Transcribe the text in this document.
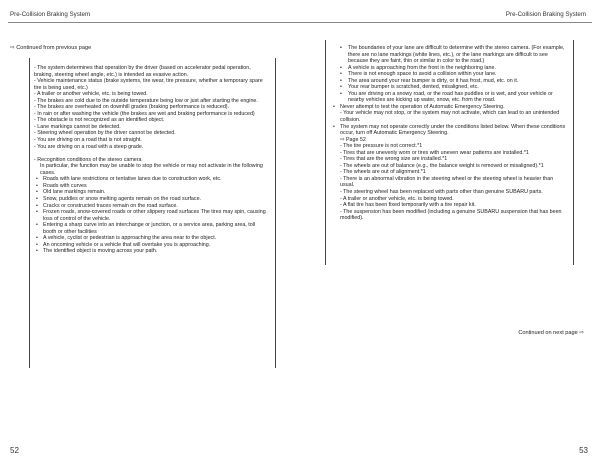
Pre-Collision Braking System	Pre-Collision Braking System
⇨ Continued from previous page

- The system determines that operation by the driver (based on accelerator pedal operation, braking, steering wheel angle, etc.) is intended as evasive action.

- Vehicle maintenance status (brake systems, tire wear, tire pressure, whether a temporary spare tire is being used, etc.)

- A trailer or another vehicle, etc. is being towed.

- The brakes are cold due to the outside temperature being low or just after starting the engine.

- The brakes are overheated on downhill grades (braking performance is reduced).

- In rain or after washing the vehicle (the brakes are wet and braking performance is reduced)

- The obstacle is not recognized as an identified object.

- Lane markings cannot be detected.

- Steering wheel operation by the driver cannot be detected.

- You are driving on a road that is not straight.

- You are driving on a road with a steep grade.

- Recognition conditions of the stereo camera

In particular, the function may be unable to stop the vehicle or may not activate in the following cases.

• Roads with lane restrictions or tentative lanes due to construction work, etc.
• Roads with curves
• Old lane markings remain.
• Snow, puddles or snow melting agents remain on the road surface.
• Cracks or constructed traces remain on the road surface.
• Frozen roads, snow-covered roads or other slippery road surfaces The tires may spin, causing loss of control of the vehicle.
• Entering a sharp curve into an interchange or junction, or a service area, parking area, toll booth or other facilities
• A vehicle, cyclist or pedestrian is approaching the area near to the object.
• An oncoming vehicle or a vehicle that will overtake you is approaching.
• The identified object is moving across your path.
• The boundaries of your lane are difficult to determine with the stereo camera. (For example, there are no lane markings (white lines, etc.), or the lane markings are difficult to see because they are faint, thin or similar in color to the road.)
• A vehicle is approaching from the front in the neighboring lane.
• There is not enough space to avoid a collision within your lane.
• The area around your rear bumper is dirty, or it has frost, mud, etc. on it.
• Your rear bumper is scratched, dented, misaligned, etc.
• You are driving on a snowy road, or the road has puddles or is wet, and your vehicle or nearby vehicles are kicking up water, snow, etc. from the road.
• Never attempt to test the operation of Automatic Emergency Steering.

- Your vehicle may not stop, or the system may not activate, which can lead to an unintended collision.

• The system may not operate correctly under the conditions listed below. When these conditions occur, turn off Automatic Emergency Steering.

⇨ Page 52

- The tire pressure is not correct.*1

- Tires that are unevenly worn or tires with uneven wear patterns are installed.*1

- Tires that are the wrong size are installed.*1

- The wheels are out of balance (e.g., the balance weight is removed or misaligned).*1

- The wheels are out of alignment.*1

- There is an abnormal vibration in the steering wheel or the steering wheel is heavier than usual.

- The steering wheel has been replaced with parts other than genuine SUBARU parts.

- A trailer or another vehicle, etc. is being towed.

- A flat tire has been fixed temporarily with a tire repair kit.

- The suspension has been modified (including a genuine SUBARU suspension that has been modified).

Continued on next page ⇨
52	53
